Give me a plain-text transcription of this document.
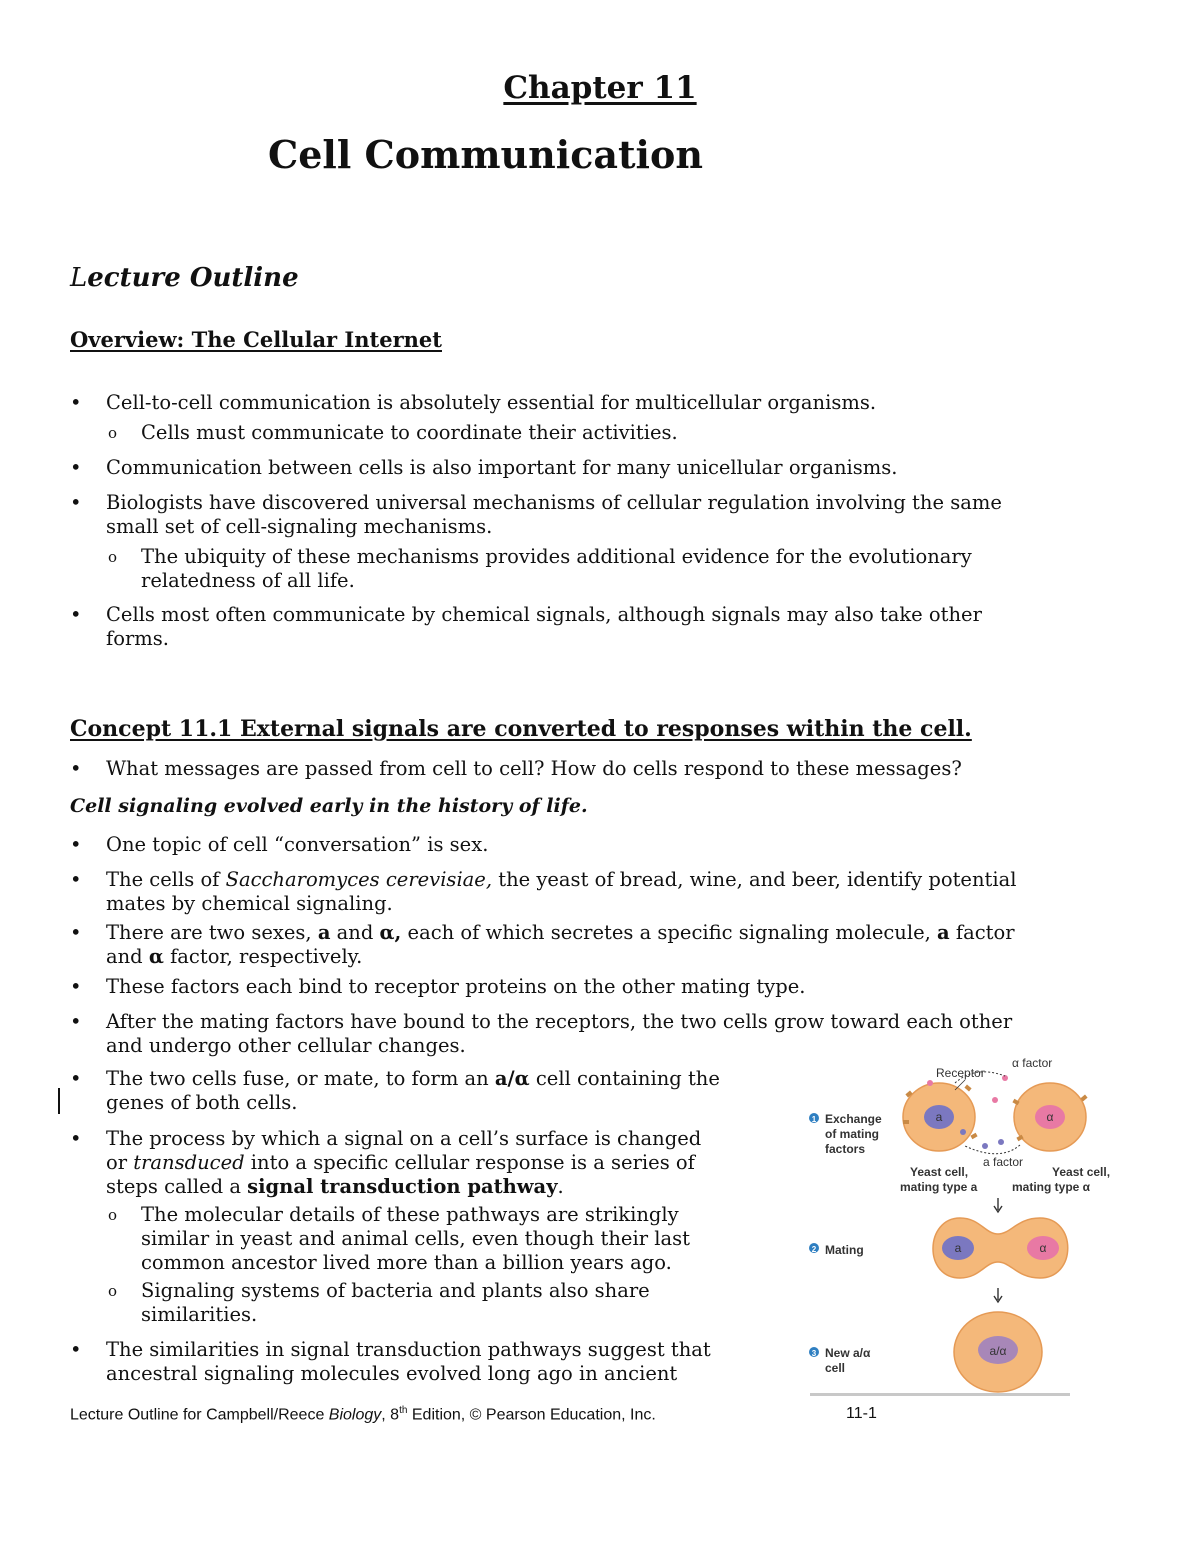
Chapter 11
Cell Communication
Lecture Outline
Overview: The Cellular Internet
•	Cell-to-cell communication is absolutely essential for multicellular organisms.
o	Cells must communicate to coordinate their activities.
•	Communication between cells is also important for many unicellular organisms.
•	Biologists have discovered universal mechanisms of cellular regulation involving the same
small set of cell-signaling mechanisms.
o	The ubiquity of these mechanisms provides additional evidence for the evolutionary
relatedness of all life.
•	Cells most often communicate by chemical signals, although signals may also take other
forms.
Concept 11.1 External signals are converted to responses within the cell.
•	What messages are passed from cell to cell? How do cells respond to these messages?
Cell signaling evolved early in the history of life.
•	One topic of cell “conversation” is sex.
•	The cells of Saccharomyces cerevisiae, the yeast of bread, wine, and beer, identify potential
mates by chemical signaling.
•	There are two sexes, a and α, each of which secretes a specific signaling molecule, a factor
and α factor, respectively.
•	These factors each bind to receptor proteins on the other mating type.
•	After the mating factors have bound to the receptors, the two cells grow toward each other
and undergo other cellular changes.
•	The two cells fuse, or mate, to form an a/α cell containing the
genes of both cells.
•	The process by which a signal on a cell’s surface is changed
or transduced into a specific cellular response is a series of
steps called a signal transduction pathway.
o	The molecular details of these pathways are strikingly
similar in yeast and animal cells, even though their last
common ancestor lived more than a billion years ago.
o	Signaling systems of bacteria and plants also share
similarities.
•	The similarities in signal transduction pathways suggest that
ancestral signaling molecules evolved long ago in ancient
1 Exchange
of mating
factors
a	α
Receptor
α factor
a factor
Yeast cell,
mating type a
Yeast cell,
mating type α
2 Mating	a	α
3 New a/α
cell
a/α
Lecture Outline for Campbell/Reece Biology, 8th Edition, © Pearson Education, Inc.	11-1
